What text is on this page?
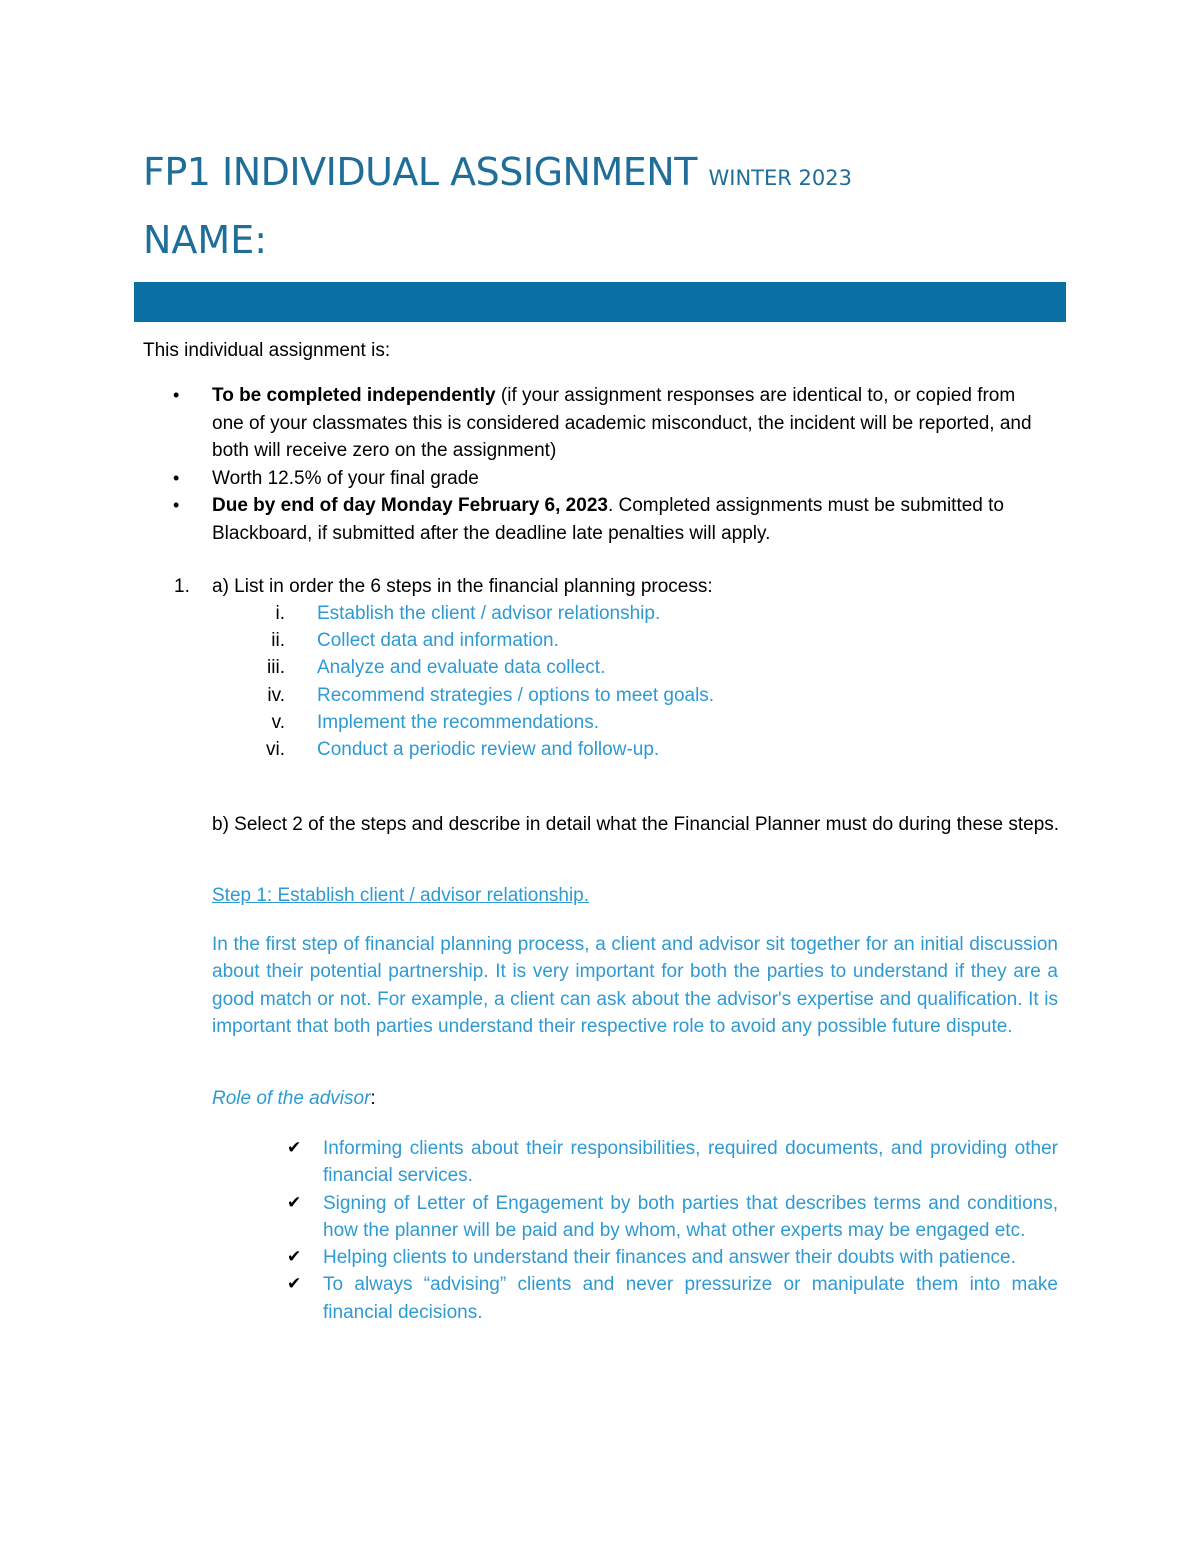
FP1 INDIVIDUAL ASSIGNMENT WINTER 2023
NAME:
This individual assignment is:
• To be completed independently (if your assignment responses are identical to, or copied from one of your classmates this is considered academic misconduct, the incident will be reported, and both will receive zero on the assignment)
• Worth 12.5% of your final grade
• Due by end of day Monday February 6, 2023. Completed assignments must be submitted to Blackboard, if submitted after the deadline late penalties will apply.
1. a) List in order the 6 steps in the financial planning process:
i. Establish the client / advisor relationship.
ii. Collect data and information.
iii. Analyze and evaluate data collect.
iv. Recommend strategies / options to meet goals.
v. Implement the recommendations.
vi. Conduct a periodic review and follow-up.
b) Select 2 of the steps and describe in detail what the Financial Planner must do during these steps.
Step 1: Establish client / advisor relationship.
In the first step of financial planning process, a client and advisor sit together for an initial discussion about their potential partnership. It is very important for both the parties to understand if they are a good match or not. For example, a client can ask about the advisor's expertise and qualification. It is important that both parties understand their respective role to avoid any possible future dispute.
Role of the advisor:
✔ Informing clients about their responsibilities, required documents, and providing other financial services.
✔ Signing of Letter of Engagement by both parties that describes terms and conditions, how the planner will be paid and by whom, what other experts may be engaged etc.
✔ Helping clients to understand their finances and answer their doubts with patience.
✔ To always “advising” clients and never pressurize or manipulate them into make financial decisions.
